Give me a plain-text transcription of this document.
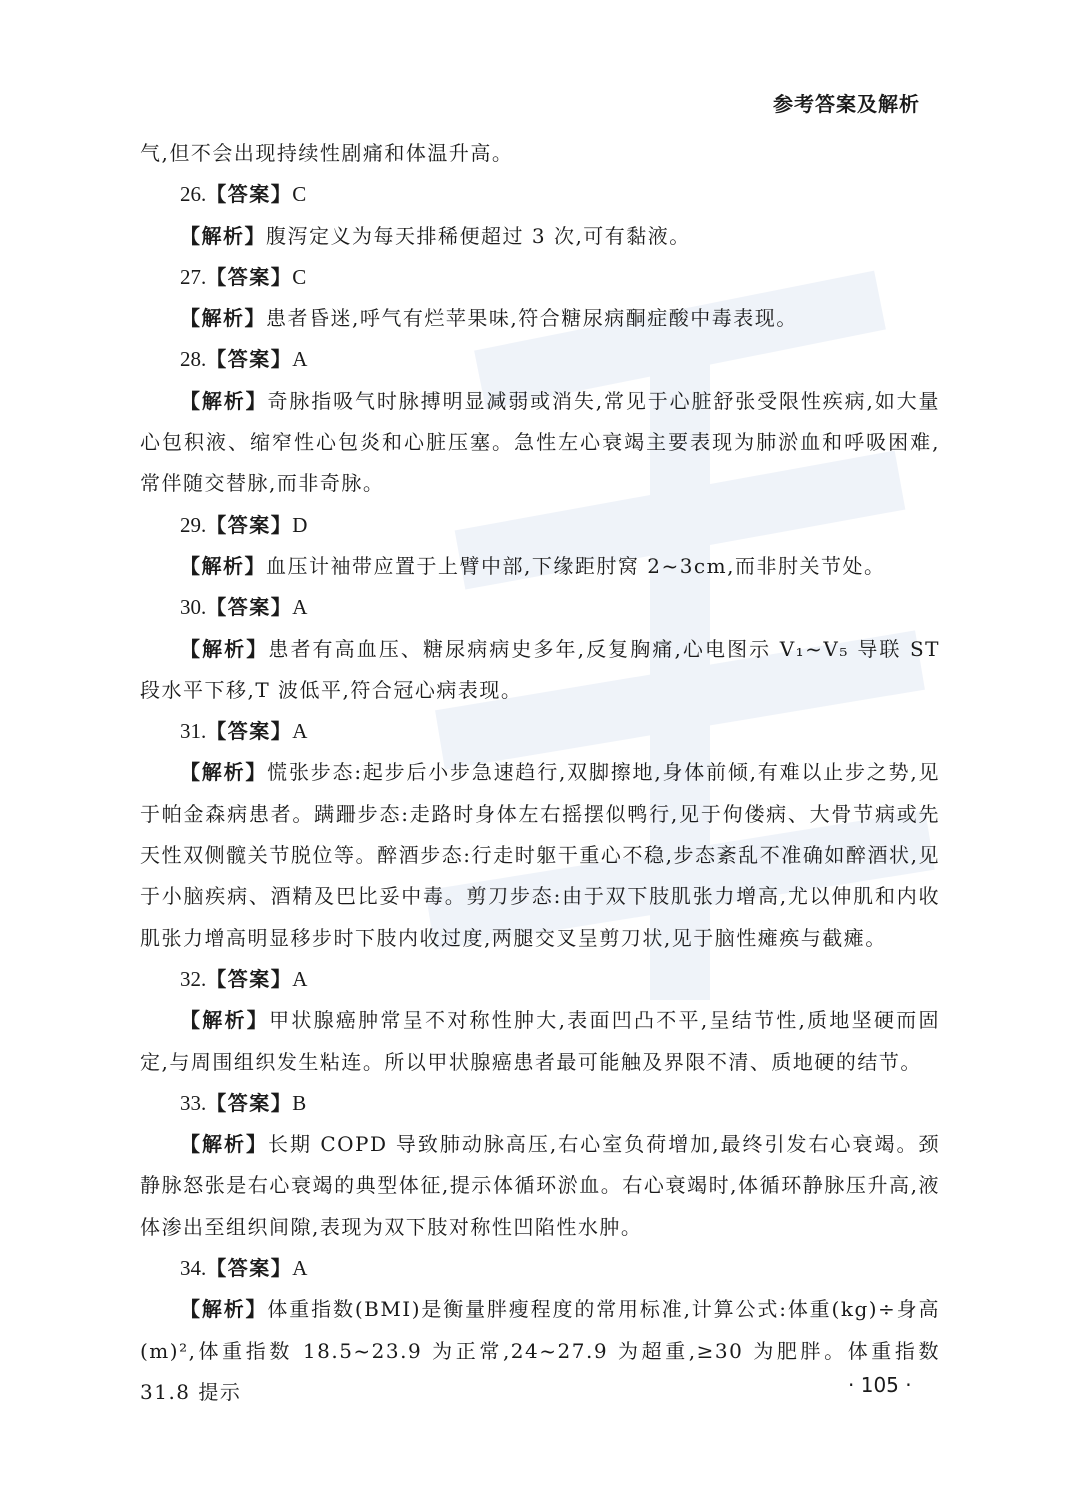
参考答案及解析

气,但不会出现持续性剧痛和体温升高。

26.【答案】C

【解析】腹泻定义为每天排稀便超过 3 次,可有黏液。

27.【答案】C

【解析】患者昏迷,呼气有烂苹果味,符合糖尿病酮症酸中毒表现。

28.【答案】A

【解析】奇脉指吸气时脉搏明显减弱或消失,常见于心脏舒张受限性疾病,如大量心包积液、缩窄性心包炎和心脏压塞。急性左心衰竭主要表现为肺淤血和呼吸困难,常伴随交替脉,而非奇脉。

29.【答案】D

【解析】血压计袖带应置于上臂中部,下缘距肘窝 2~3cm,而非肘关节处。

30.【答案】A

【解析】患者有高血压、糖尿病病史多年,反复胸痛,心电图示 V₁~V₅ 导联 ST 段水平下移,T 波低平,符合冠心病表现。

31.【答案】A

【解析】慌张步态:起步后小步急速趋行,双脚擦地,身体前倾,有难以止步之势,见于帕金森病患者。蹒跚步态:走路时身体左右摇摆似鸭行,见于佝偻病、大骨节病或先天性双侧髋关节脱位等。醉酒步态:行走时躯干重心不稳,步态紊乱不准确如醉酒状,见于小脑疾病、酒精及巴比妥中毒。剪刀步态:由于双下肢肌张力增高,尤以伸肌和内收肌张力增高明显移步时下肢内收过度,两腿交叉呈剪刀状,见于脑性瘫痪与截瘫。

32.【答案】A

【解析】甲状腺癌肿常呈不对称性肿大,表面凹凸不平,呈结节性,质地坚硬而固定,与周围组织发生粘连。所以甲状腺癌患者最可能触及界限不清、质地硬的结节。

33.【答案】B

【解析】长期 COPD 导致肺动脉高压,右心室负荷增加,最终引发右心衰竭。颈静脉怒张是右心衰竭的典型体征,提示体循环淤血。右心衰竭时,体循环静脉压升高,液体渗出至组织间隙,表现为双下肢对称性凹陷性水肿。

34.【答案】A

【解析】体重指数(BMI)是衡量胖瘦程度的常用标准,计算公式:体重(kg)÷身高(m)²,体重指数 18.5~23.9 为正常,24~27.9 为超重,≥30 为肥胖。体重指数 31.8 提示	· 105 ·
